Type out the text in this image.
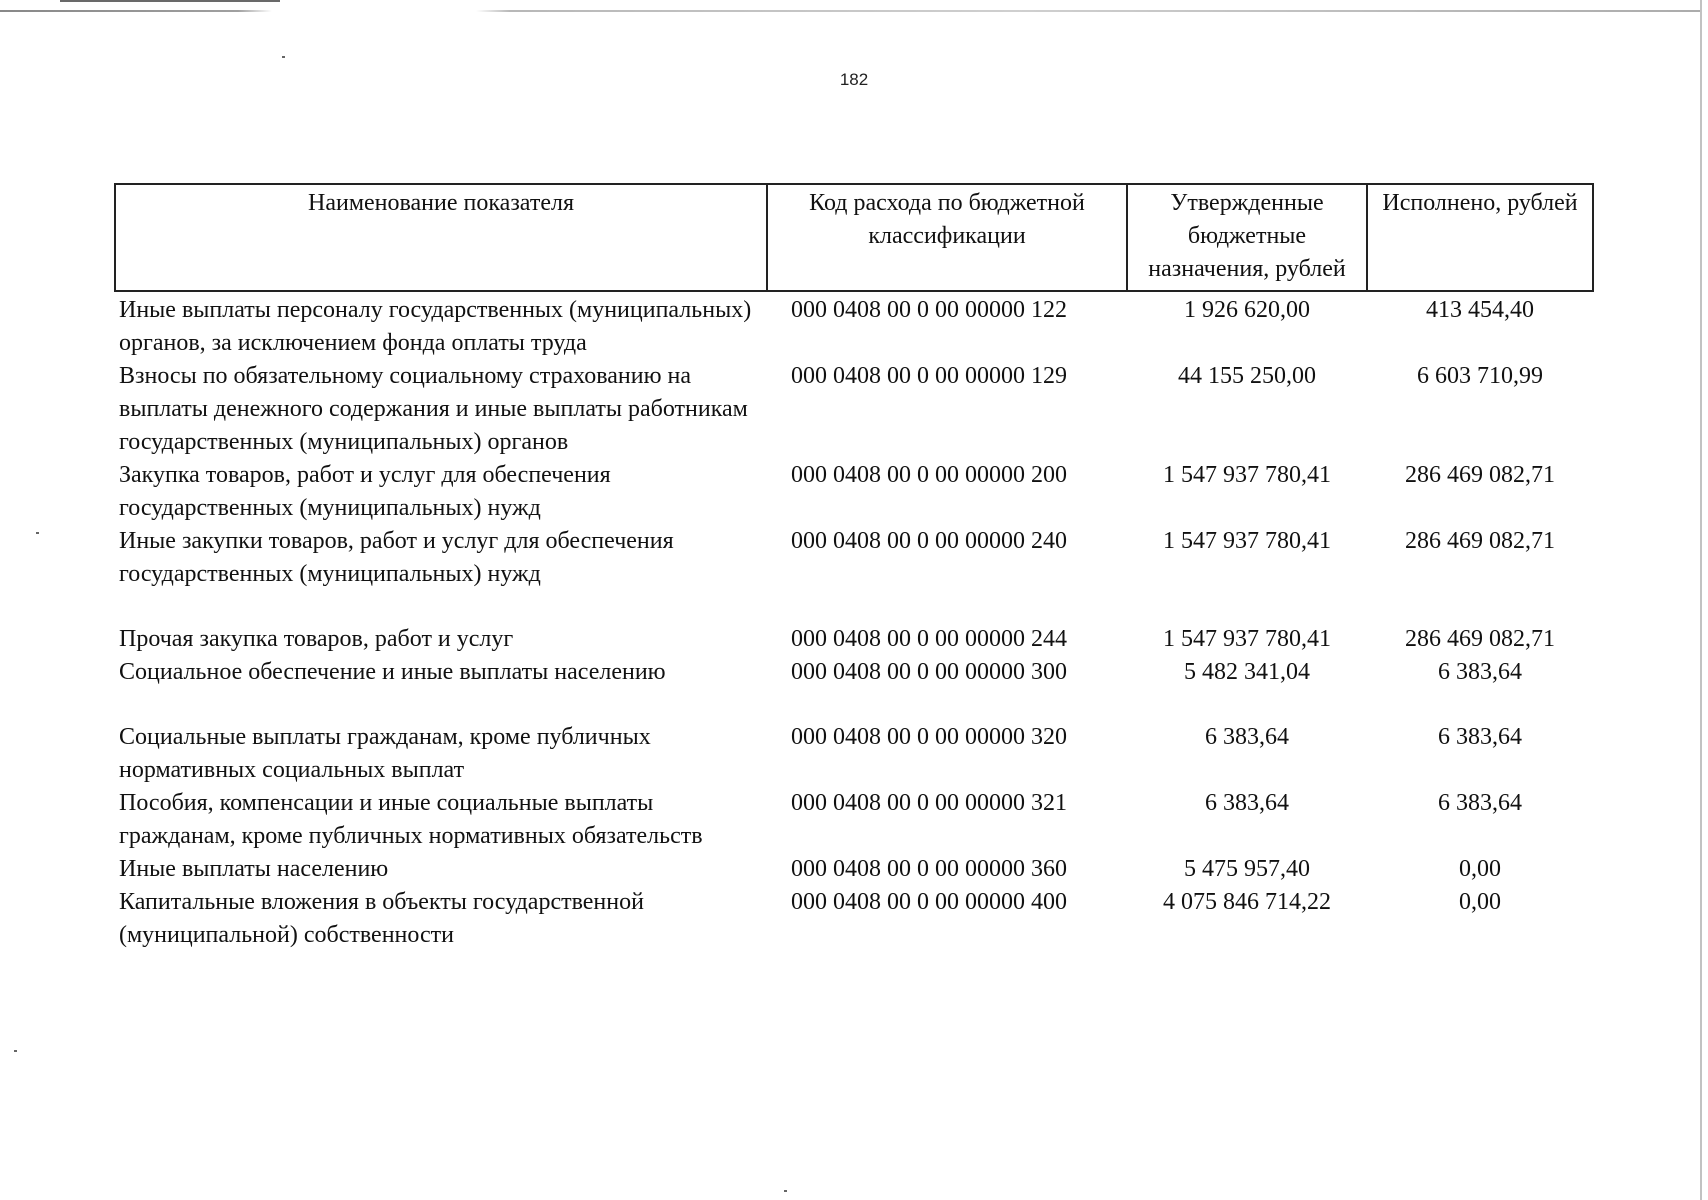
182
Наименование показателя	Код расхода по бюджетной классификации	Утвержденные бюджетные назначения, рублей	Исполнено, рублей
Иные выплаты персоналу государственных (муниципальных) органов, за исключением фонда оплаты труда	000 0408 00 0 00 00000 122	1 926 620,00	413 454,40
Взносы по обязательному социальному страхованию на выплаты денежного содержания и иные выплаты работникам государственных (муниципальных) органов	000 0408 00 0 00 00000 129	44 155 250,00	6 603 710,99
Закупка товаров, работ и услуг для обеспечения государственных (муниципальных) нужд	000 0408 00 0 00 00000 200	1 547 937 780,41	286 469 082,71
Иные закупки товаров, работ и услуг для обеспечения государственных (муниципальных) нужд	000 0408 00 0 00 00000 240	1 547 937 780,41	286 469 082,71
Прочая закупка товаров, работ и услуг	000 0408 00 0 00 00000 244	1 547 937 780,41	286 469 082,71
Социальное обеспечение и иные выплаты населению	000 0408 00 0 00 00000 300	5 482 341,04	6 383,64
Социальные выплаты гражданам, кроме публичных нормативных социальных выплат	000 0408 00 0 00 00000 320	6 383,64	6 383,64
Пособия, компенсации и иные социальные выплаты гражданам, кроме публичных нормативных обязательств	000 0408 00 0 00 00000 321	6 383,64	6 383,64
Иные выплаты населению	000 0408 00 0 00 00000 360	5 475 957,40	0,00
Капитальные вложения в объекты государственной (муниципальной) собственности	000 0408 00 0 00 00000 400	4 075 846 714,22	0,00
